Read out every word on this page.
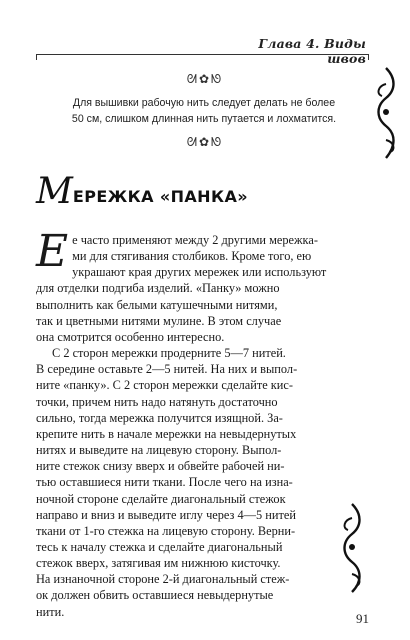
Глава 4. Виды швов
ᘛ✿ᘚ
Для вышивки рабочую нить следует делать не более
50 см, слишком длинная нить путается и лохматится.
ᘛ✿ᘚ
МЕРЕЖКА «ПАНКА»

Е е часто применяют между 2 другими мережка-
ми для стягивания столбиков. Кроме того, ею
украшают края других мережек или используют
для отделки подгиба изделий. «Панку» можно
выполнить как белыми катушечными нитями,
так и цветными нитями мулине. В этом случае
она смотрится особенно интересно.

С 2 сторон мережки продерните 5—7 нитей.
В середине оставьте 2—5 нитей. На них и выпол-
ните «панку». С 2 сторон мережки сделайте кис-
точки, причем нить надо натянуть достаточно
сильно, тогда мережка получится изящной. За-
крепите нить в начале мережки на невыдернутых
нитях и выведите на лицевую сторону. Выпол-
ните стежок снизу вверх и обвейте рабочей ни-
тью оставшиеся нити ткани. После чего на изна-
ночной стороне сделайте диагональный стежок
направо и вниз и выведите иглу через 4—5 нитей
ткани от 1-го стежка на лицевую сторону. Верни-
тесь к началу стежка и сделайте диагональный
стежок вверх, затягивая им нижнюю кисточку.
На изнаночной стороне 2-й диагональный стеж-
ок должен обвить оставшиеся невыдернутые
нити.	91
